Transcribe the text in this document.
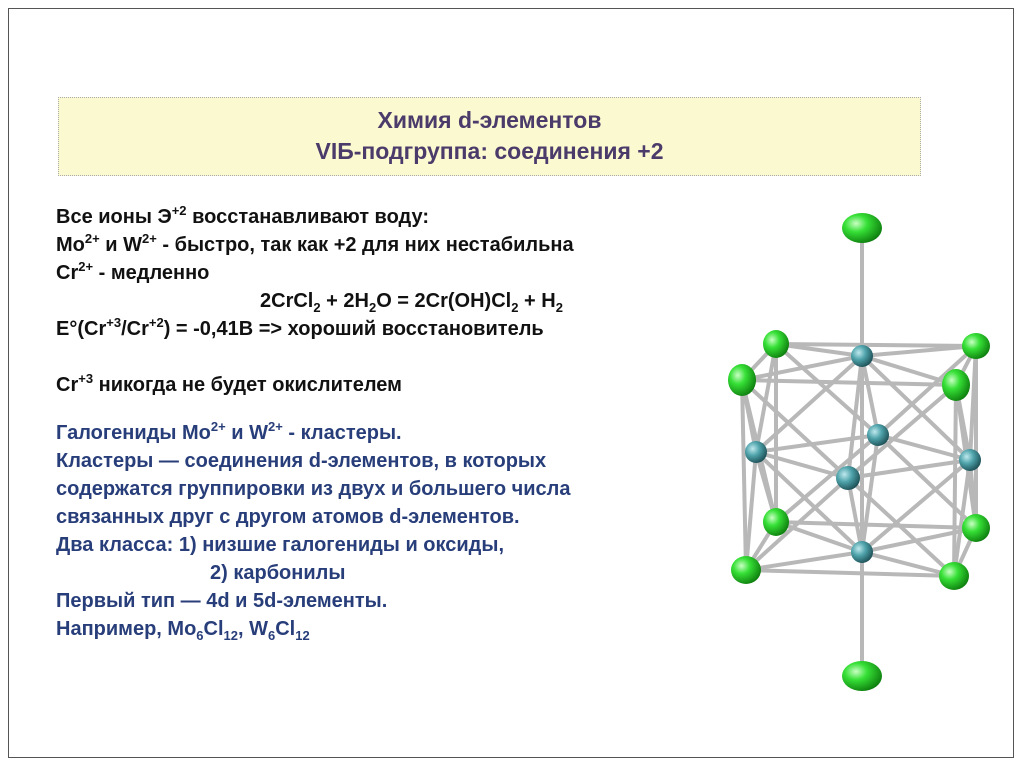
Химия d-элементов
VIБ-подгруппа: соединения +2
Все ионы $Э^{+2}$ восстанавливают воду:
$Mo^{2+}$ и $W^{2+}$ - быстро, так как +2 для них нестабильна
$Cr^{2+}$ - медленно
2CrCl$_2$ + $2H_2O = 2Cr(OH)Cl_2 + H_2$
$E^\circ(Cr^{+3}/Cr^{+2}) = -0,41В$ => хороший восстановитель
$Cr^{+3}$ никогда не будет окислителем
Галогениды $Mo^{2+}$ и $W^{2+}$ - кластеры.
Кластеры — соединения d-элементов, в которых
содержатся группировки из двух и большего числа
связанных друг с другом атомов d-элементов.
Два класса: 1) низшие галогениды и оксиды,
2) карбонилы
Первый тип — 4d и 5d-элементы.
Например, $Mo_6Cl_{12}$, $W_6Cl_{12}$
